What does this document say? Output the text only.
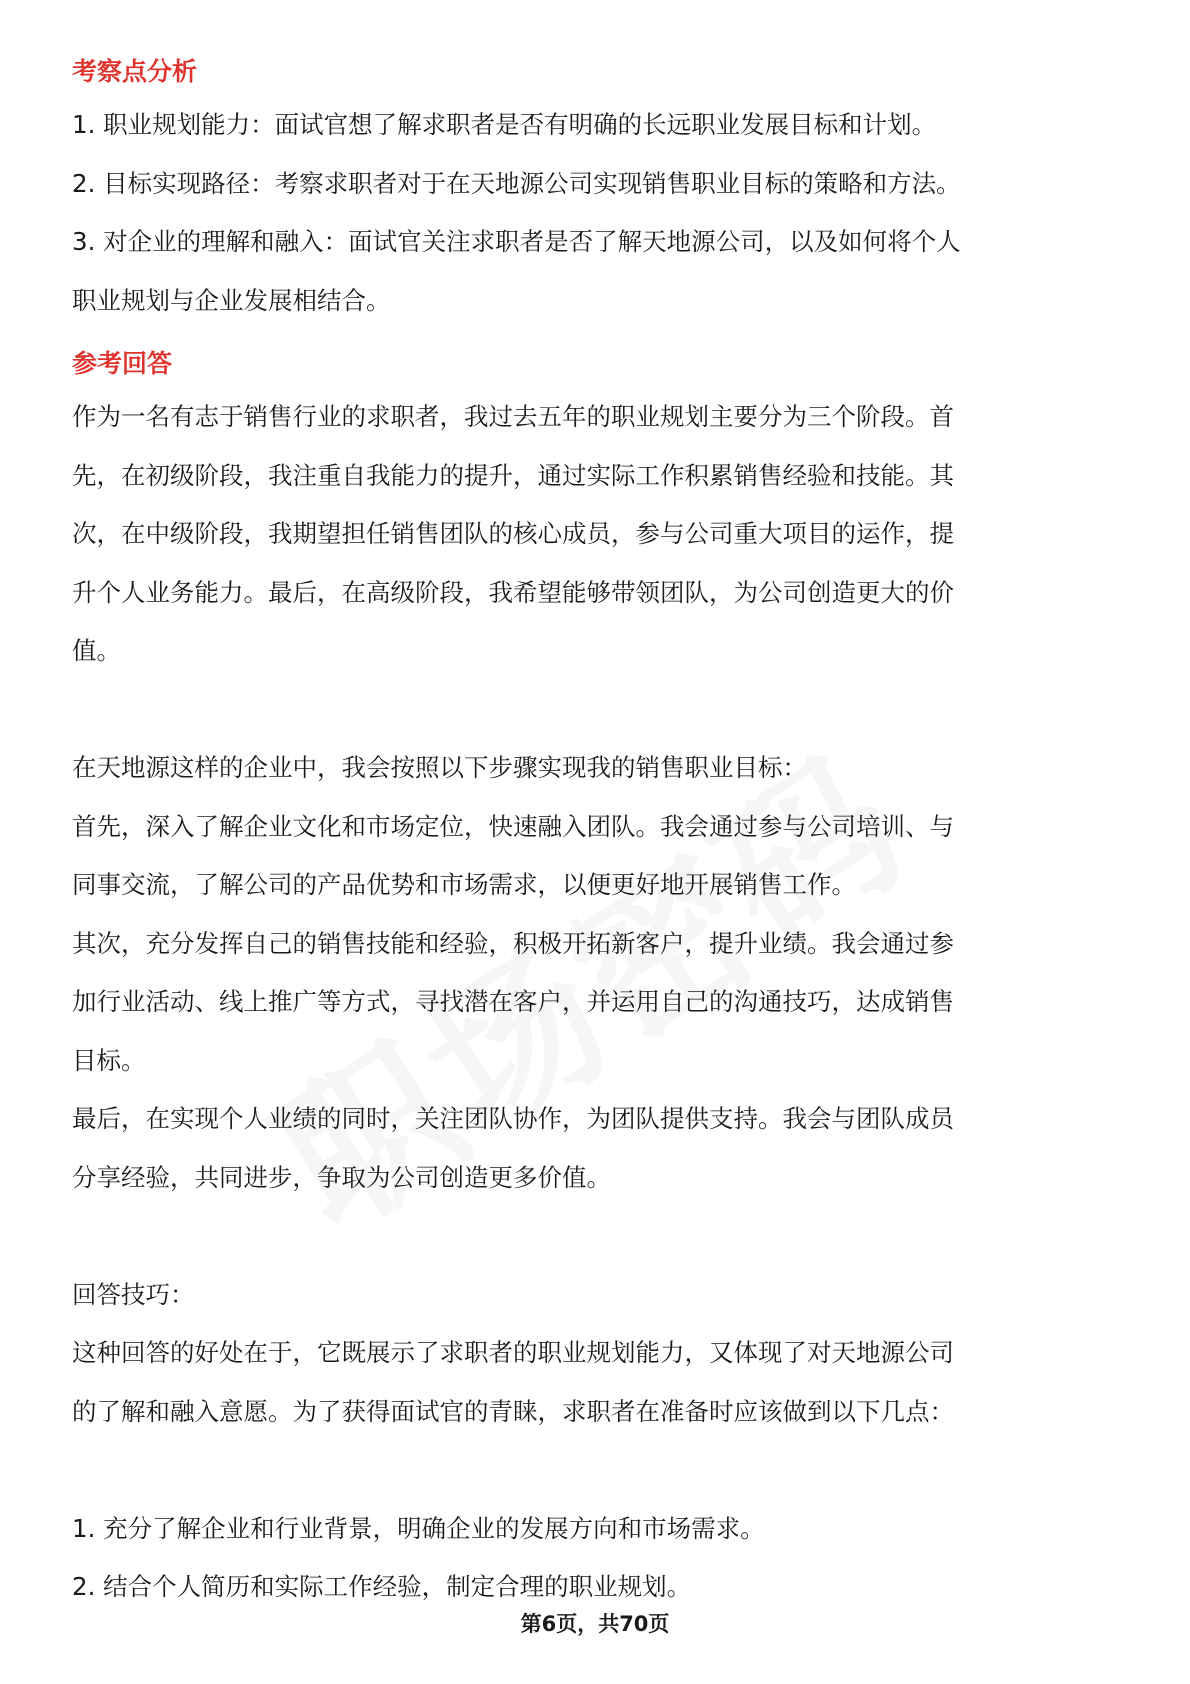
考察点分析

1. 职业规划能力：面试官想了解求职者是否有明确的长远职业发展目标和计划。

2. 目标实现路径：考察求职者对于在天地源公司实现销售职业目标的策略和方法。

3. 对企业的理解和融入：面试官关注求职者是否了解天地源公司，以及如何将个人

职业规划与企业发展相结合。

参考回答

作为一名有志于销售行业的求职者，我过去五年的职业规划主要分为三个阶段。首

先，在初级阶段，我注重自我能力的提升，通过实际工作积累销售经验和技能。其

次，在中级阶段，我期望担任销售团队的核心成员，参与公司重大项目的运作，提

升个人业务能力。最后，在高级阶段，我希望能够带领团队，为公司创造更大的价

值。

在天地源这样的企业中，我会按照以下步骤实现我的销售职业目标：

首先，深入了解企业文化和市场定位，快速融入团队。我会通过参与公司培训、与

同事交流，了解公司的产品优势和市场需求，以便更好地开展销售工作。

其次，充分发挥自己的销售技能和经验，积极开拓新客户，提升业绩。我会通过参

加行业活动、线上推广等方式，寻找潜在客户，并运用自己的沟通技巧，达成销售

目标。

最后，在实现个人业绩的同时，关注团队协作，为团队提供支持。我会与团队成员

分享经验，共同进步，争取为公司创造更多价值。

回答技巧：

这种回答的好处在于，它既展示了求职者的职业规划能力，又体现了对天地源公司

的了解和融入意愿。为了获得面试官的青睐，求职者在准备时应该做到以下几点：

1. 充分了解企业和行业背景，明确企业的发展方向和市场需求。

2. 结合个人简历和实际工作经验，制定合理的职业规划。

第6页，共70页
